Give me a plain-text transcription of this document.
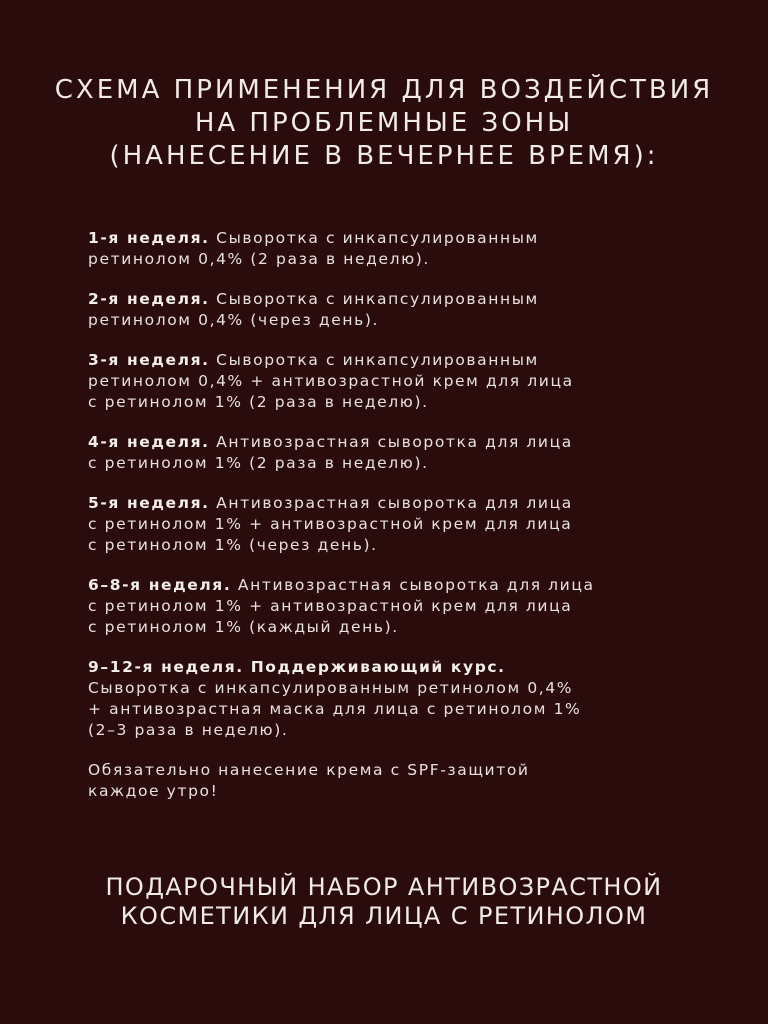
СХЕМА ПРИМЕНЕНИЯ ДЛЯ ВОЗДЕЙСТВИЯ
НА ПРОБЛЕМНЫЕ ЗОНЫ
(НАНЕСЕНИЕ В ВЕЧЕРНЕЕ ВРЕМЯ):
1-я неделя. Сыворотка с инкапсулированным
ретинолом 0,4% (2 раза в неделю).
2-я неделя. Сыворотка с инкапсулированным
ретинолом 0,4% (через день).
3-я неделя. Сыворотка с инкапсулированным
ретинолом 0,4% + антивозрастной крем для лица
с ретинолом 1% (2 раза в неделю).
4-я неделя. Антивозрастная сыворотка для лица
с ретинолом 1% (2 раза в неделю).
5-я неделя. Антивозрастная сыворотка для лица
с ретинолом 1% + антивозрастной крем для лица
с ретинолом 1% (через день).
6–8-я неделя. Антивозрастная сыворотка для лица
с ретинолом 1% + антивозрастной крем для лица
с ретинолом 1% (каждый день).
9–12-я неделя. Поддерживающий курс.
Сыворотка с инкапсулированным ретинолом 0,4%
+ антивозрастная маска для лица с ретинолом 1%
(2–3 раза в неделю).
Обязательно нанесение крема с SPF-защитой
каждое утро!
ПОДАРОЧНЫЙ НАБОР АНТИВОЗРАСТНОЙ
КОСМЕТИКИ ДЛЯ ЛИЦА С РЕТИНОЛОМ
